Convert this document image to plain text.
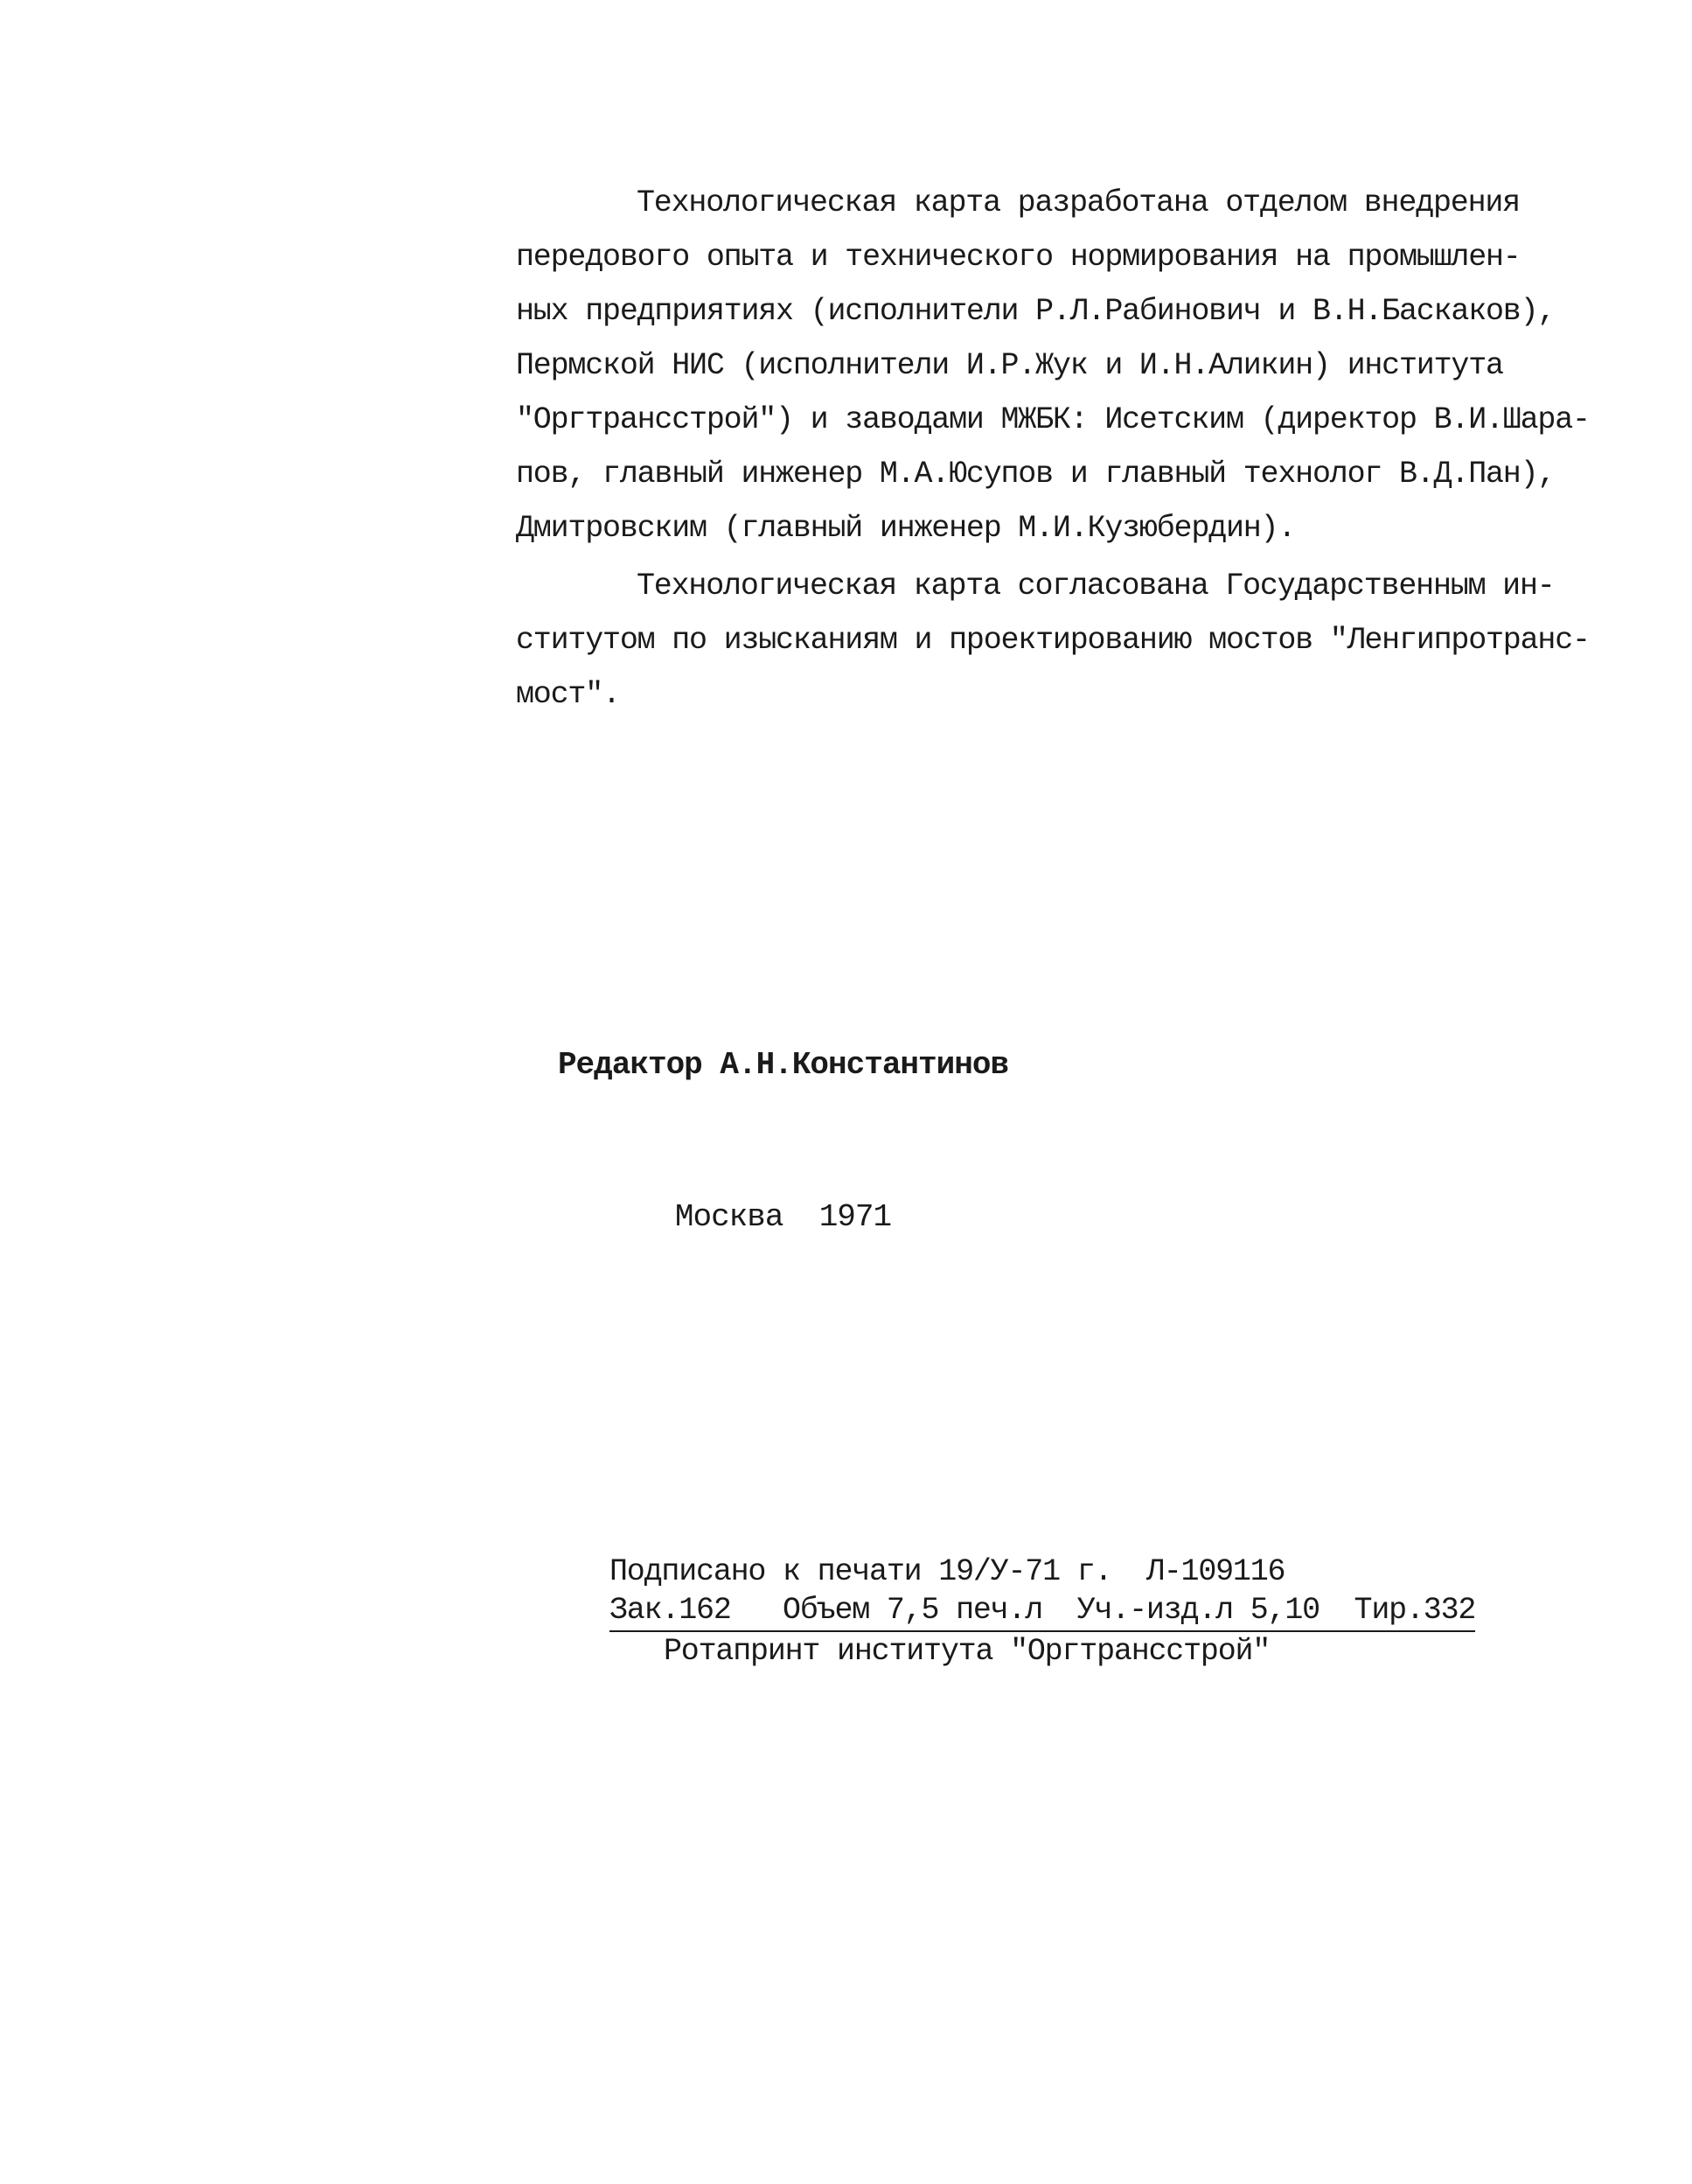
Технологическая карта разработана отделом внедрения
передового опыта и технического нормирования на промышлен-
ных предприятиях (исполнители Р.Л.Рабинович и В.Н.Баскаков),
Пермской НИС (исполнители И.Р.Жук и И.Н.Аликин) института
"Оргтрансстрой") и заводами МЖБК: Исетским (директор В.И.Шара-
пов, главный инженер М.А.Юсупов и главный технолог В.Д.Пан),
Дмитровским (главный инженер М.И.Кузюбердин).
Технологическая карта согласована Государственным ин-
ститутом по изысканиям и проектированию мостов "Ленгипротранс-
мост".
Редактор А.Н.Константинов
Москва  1971
Подписано к печати 19/У-71 г.  Л-109116
Зак.162   Объем 7,5 печ.л  Уч.-изд.л 5,10  Тир.332
Ротапринт института "Оргтрансстрой"
